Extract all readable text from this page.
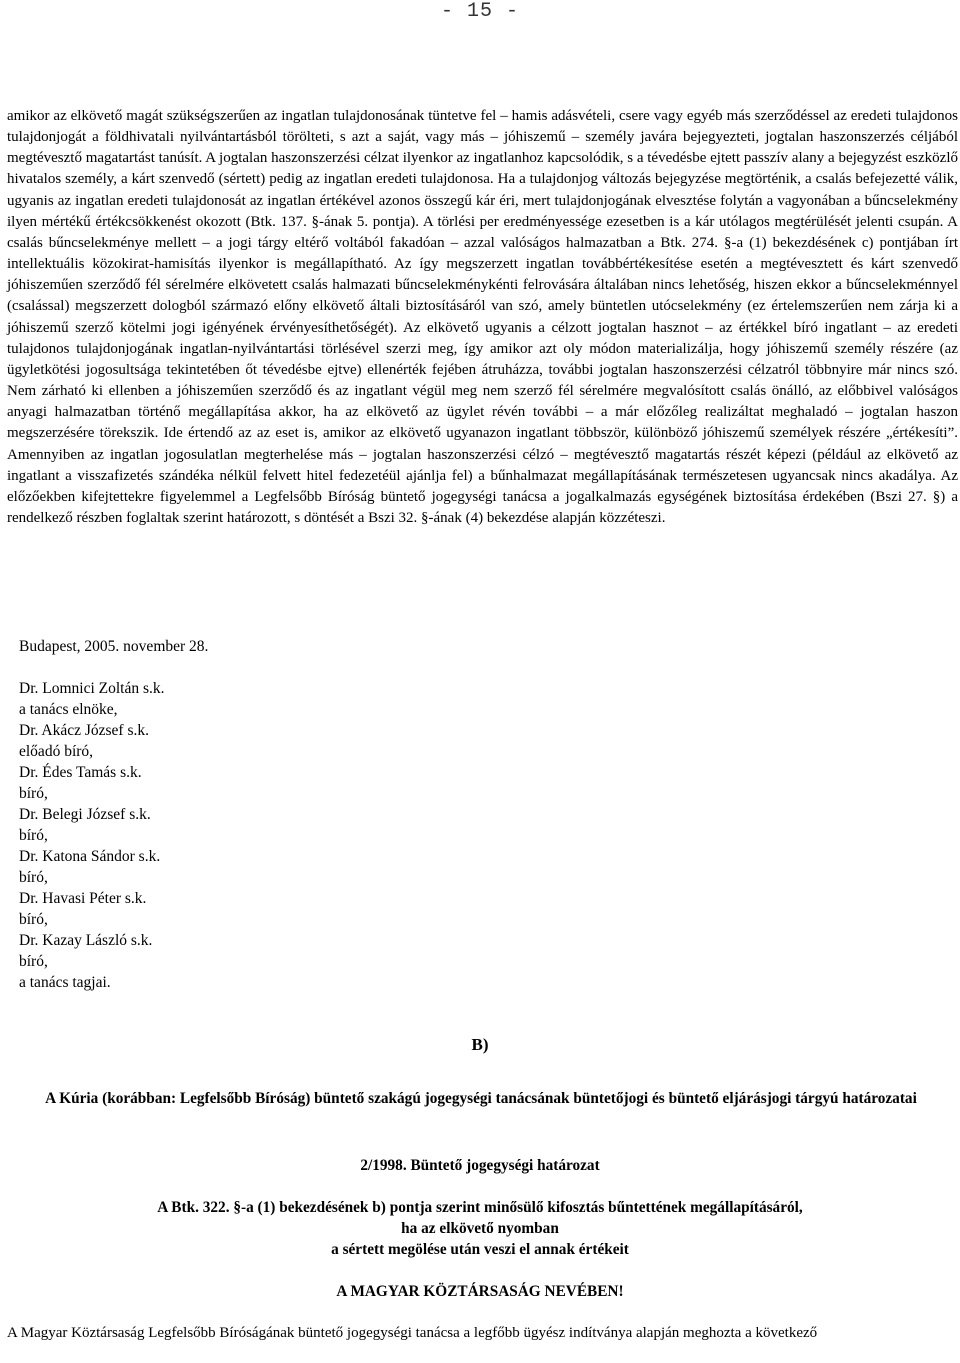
- 15 -

amikor az elkövető magát szükségszerűen az ingatlan tulajdonosának tüntetve fel – hamis adásvételi, csere vagy egyéb más szerződéssel az eredeti tulajdonos tulajdonjogát a földhivatali nyilvántartásból törölteti, s azt a saját, vagy más – jóhiszemű – személy javára bejegyezteti, jogtalan haszonszerzés céljából megtévesztő magatartást tanúsít. A jogtalan haszonszerzési célzat ilyenkor az ingatlanhoz kapcsolódik, s a tévedésbe ejtett passzív alany a bejegyzést eszközlő hivatalos személy, a kárt szenvedő (sértett) pedig az ingatlan eredeti tulajdonosa. Ha a tulajdonjog változás bejegyzése megtörténik, a csalás befejezetté válik, ugyanis az ingatlan eredeti tulajdonosát az ingatlan értékével azonos összegű kár éri, mert tulajdonjogának elvesztése folytán a vagyonában a bűncselekmény ilyen mértékű értékcsökkenést okozott (Btk. 137. §-ának 5. pontja). A törlési per eredményessége ezesetben is a kár utólagos megtérülését jelenti csupán. A csalás bűncselekménye mellett – a jogi tárgy eltérő voltából fakadóan – azzal valóságos halmazatban a Btk. 274. §-a (1) bekezdésének c) pontjában írt intellektuális közokirat-hamisítás ilyenkor is megállapítható. Az így megszerzett ingatlan továbbértékesítése esetén a megtévesztett és kárt szenvedő jóhiszeműen szerződő fél sérelmére elkövetett csalás halmazati bűncselekménykénti felrovására általában nincs lehetőség, hiszen ekkor a bűncselekménnyel (csalással) megszerzett dologból származó előny elkövető általi biztosításáról van szó, amely büntetlen utócselekmény (ez értelemszerűen nem zárja ki a jóhiszemű szerző kötelmi jogi igényének érvényesíthetőségét). Az elkövető ugyanis a célzott jogtalan hasznot – az értékkel bíró ingatlant – az eredeti tulajdonos tulajdonjogának ingatlan-nyilvántartási törlésével szerzi meg, így amikor azt oly módon materializálja, hogy jóhiszemű személy részére (az ügyletkötési jogosultsága tekintetében őt tévedésbe ejtve) ellenérték fejében átruházza, további jogtalan haszonszerzési célzatról többnyire már nincs szó. Nem zárható ki ellenben a jóhiszeműen szerződő és az ingatlant végül meg nem szerző fél sérelmére megvalósított csalás önálló, az előbbivel valóságos anyagi halmazatban történő megállapítása akkor, ha az elkövető az ügylet révén további – a már előzőleg realizáltat meghaladó – jogtalan haszon megszerzésére törekszik. Ide értendő az az eset is, amikor az elkövető ugyanazon ingatlant többször, különböző jóhiszemű személyek részére „értékesíti”. Amennyiben az ingatlan jogosulatlan megterhelése más – jogtalan haszonszerzési célzó – megtévesztő magatartás részét képezi (például az elkövető az ingatlant a visszafizetés szándéka nélkül felvett hitel fedezetéül ajánlja fel) a bűnhalmazat megállapításának természetesen ugyancsak nincs akadálya. Az előzőekben kifejtettekre figyelemmel a Legfelsőbb Bíróság büntető jogegységi tanácsa a jogalkalmazás egységének biztosítása érdekében (Bszi 27. §) a rendelkező részben foglaltak szerint határozott, s döntését a Bszi 32. §-ának (4) bekezdése alapján közzéteszi.

Budapest, 2005. november 28.

Dr. Lomnici Zoltán s.k.

a tanács elnöke,

Dr. Akácz József s.k.

előadó bíró,

Dr. Édes Tamás s.k.

bíró,

Dr. Belegi József s.k.

bíró,

Dr. Katona Sándor s.k.

bíró,

Dr. Havasi Péter s.k.

bíró,

Dr. Kazay László s.k.

bíró,

a tanács tagjai.

B)
A Kúria (korábban: Legfelsőbb Bíróság) büntető szakágú jogegységi tanácsának büntetőjogi és büntető eljárásjogi tárgyú határozatai
2/1998. Büntető jogegységi határozat
A Btk. 322. §-a (1) bekezdésének b) pontja szerint minősülő kifosztás bűntettének megállapításáról,
ha az elkövető nyomban
a sértett megölése után veszi el annak értékeit
A MAGYAR KÖZTÁRSASÁG NEVÉBEN!

A Magyar Köztársaság Legfelsőbb Bíróságának büntető jogegységi tanácsa a legfőbb ügyész indítványa alapján meghozta a következő
